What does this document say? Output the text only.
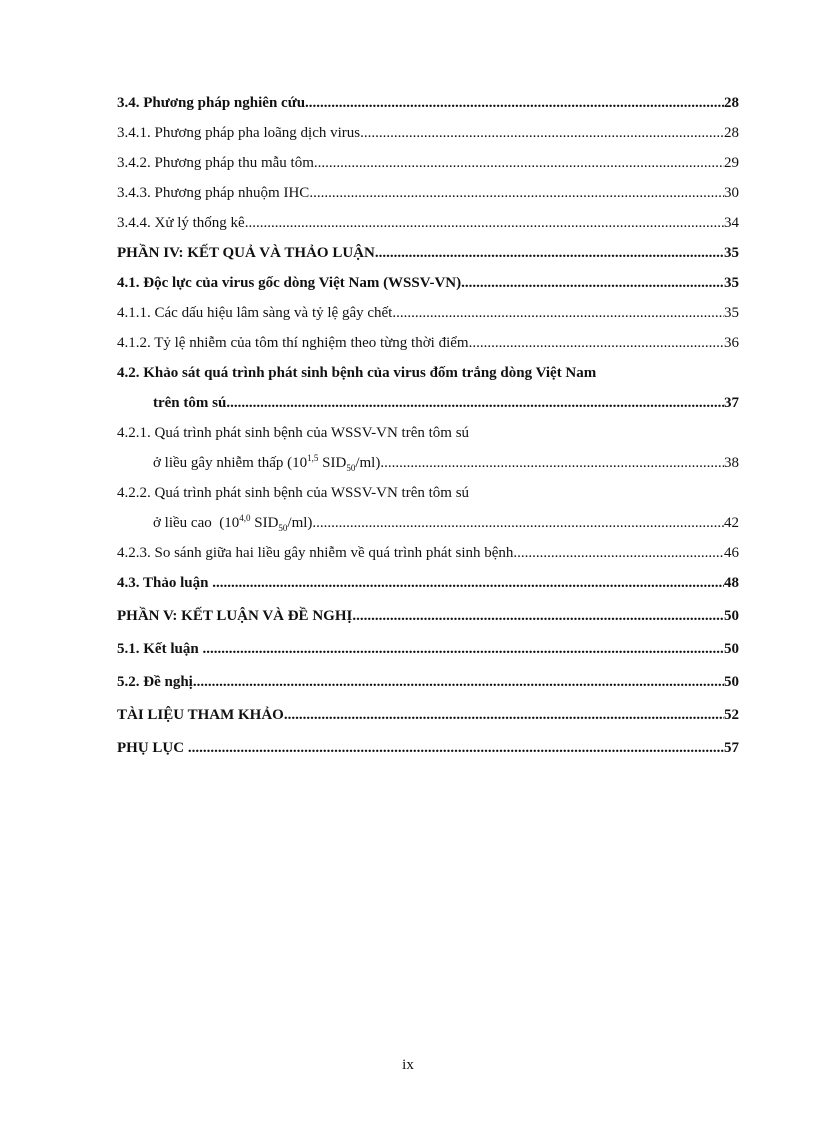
3.4. Phương pháp nghiên cứu .....	28
3.4.1. Phương pháp pha loãng dịch virus .....	28
3.4.2. Phương pháp thu mẫu tôm .....	29
3.4.3. Phương pháp nhuộm IHC .....	30
3.4.4. Xử lý thống kê .....	34
PHẦN IV: KẾT QUẢ VÀ THẢO LUẬN .....	35
4.1. Độc lực của virus gốc dòng Việt Nam (WSSV-VN) .....	35
4.1.1. Các dấu hiệu lâm sàng và tỷ lệ gây chết .....	35
4.1.2. Tỷ lệ nhiễm của tôm thí nghiệm theo từng thời điểm .....	36
4.2. Khảo sát quá trình phát sinh bệnh của virus đốm trắng dòng Việt Nam
trên tôm sú .....	37
4.2.1. Quá trình phát sinh bệnh của WSSV-VN trên tôm sú
ở liều gây nhiễm thấp (10$^{1,5}$ $SID_{50}/ml$) .....	38
4.2.2. Quá trình phát sinh bệnh của WSSV-VN trên tôm sú
ở liều cao  (10$^{4,0}$ $SID_{50}/ml$) .....	42
4.2.3. So sánh giữa hai liều gây nhiễm về quá trình phát sinh bệnh .....	46
4.3. Thảo luận .....	48
PHẦN V: KẾT LUẬN VÀ ĐỀ NGHỊ .....	50
5.1. Kết luận .....	50
5.2. Đề nghị .....	50
TÀI LIỆU THAM KHẢO .....	52
PHỤ LỤC .....	57
ix
